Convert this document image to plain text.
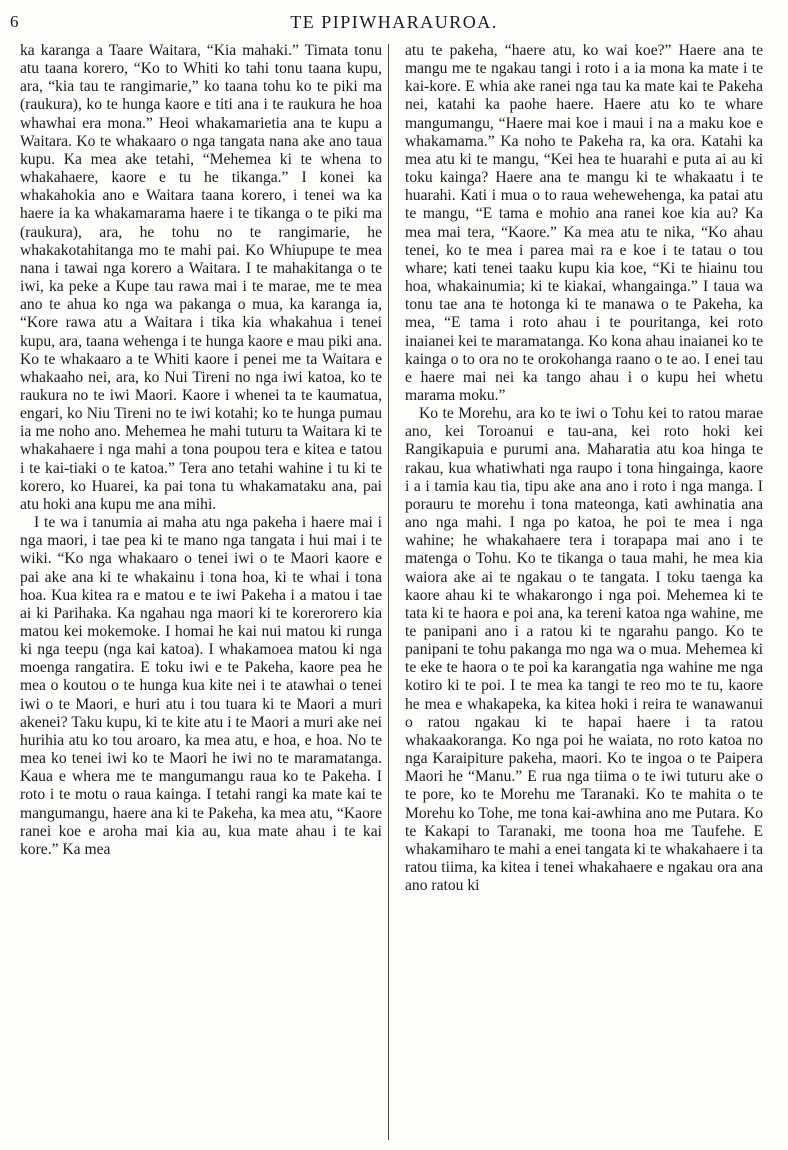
6	TE PIPIWHARAUROA.

ka karanga a Taare Waitara, “Kia mahaki.” Timata tonu atu taana korero, “Ko to Whiti ko tahi tonu taana kupu, ara, “kia tau te rangimarie,” ko taana tohu ko te piki ma (raukura), ko te hunga kaore e titi ana i te raukura he hoa whawhai era mona.” Heoi whakamarietia ana te kupu a Waitara. Ko te whakaaro o nga tangata nana ake ano taua kupu. Ka mea ake tetahi, “Mehemea ki te whena to whakahaere, kaore e tu he tikanga.” I konei ka whakahokia ano e Waitara taana korero, i tenei wa ka haere ia ka whakamarama haere i te tikanga o te piki ma (raukura), ara, he tohu no te rangimarie, he whakakotahitanga mo te mahi pai. Ko Whiupupe te mea nana i tawai nga korero a Waitara. I te mahakitanga o te iwi, ka peke a Kupe tau rawa mai i te marae, me te mea ano te ahua ko nga wa pakanga o mua, ka karanga ia, “Kore rawa atu a Waitara i tika kia whakahua i tenei kupu, ara, taana wehenga i te hunga kaore e mau piki ana. Ko te whakaaro a te Whiti kaore i penei me ta Waitara e whakaaho nei, ara, ko Nui Tireni no nga iwi katoa, ko te raukura no te iwi Maori. Kaore i whenei ta te kaumatua, engari, ko Niu Tireni no te iwi kotahi; ko te hunga pumau ia me noho ano. Mehemea he mahi tuturu ta Waitara ki te whakahaere i nga mahi a tona poupou tera e kitea e tatou i te kai-tiaki o te katoa.” Tera ano tetahi wahine i tu ki te korero, ko Huarei, ka pai tona tu whakamataku ana, pai atu hoki ana kupu me ana mihi.

I te wa i tanumia ai maha atu nga pakeha i haere mai i nga maori, i tae pea ki te mano nga tangata i hui mai i te wiki. “Ko nga whakaaro o tenei iwi o te Maori kaore e pai ake ana ki te whakainu i tona hoa, ki te whai i tona hoa. Kua kitea ra e matou e te iwi Pakeha i a matou i tae ai ki Parihaka. Ka ngahau nga maori ki te korerorero kia matou kei mokemoke. I homai he kai nui matou ki runga ki nga teepu (nga kai katoa). I whakamoea matou ki nga moenga rangatira. E toku iwi e te Pakeha, kaore pea he mea o koutou o te hunga kua kite nei i te atawhai o tenei iwi o te Maori, e huri atu i tou tuara ki te Maori a muri akenei? Taku kupu, ki te kite atu i te Maori a muri ake nei hurihia atu ko tou aroaro, ka mea atu, e hoa, e hoa. No te mea ko tenei iwi ko te Maori he iwi no te maramatanga. Kaua e whera me te mangumangu raua ko te Pakeha. I roto i te motu o raua kainga. I tetahi rangi ka mate kai te mangumangu, haere ana ki te Pakeha, ka mea atu, “Kaore ranei koe e aroha mai kia au, kua mate ahau i te kai kore.” Ka mea

atu te pakeha, “haere atu, ko wai koe?” Haere ana te mangu me te ngakau tangi i roto i a ia mona ka mate i te kai-kore. E whia ake ranei nga tau ka mate kai te Pakeha nei, katahi ka paohe haere. Haere atu ko te whare mangumangu, “Haere mai koe i maui i na a maku koe e whakamama.” Ka noho te Pakeha ra, ka ora. Katahi ka mea atu ki te mangu, “Kei hea te huarahi e puta ai au ki toku kainga? Haere ana te mangu ki te whakaatu i te huarahi. Kati i mua o to raua wehewehenga, ka patai atu te mangu, “E tama e mohio ana ranei koe kia au? Ka mea mai tera, “Kaore.” Ka mea atu te nika, “Ko ahau tenei, ko te mea i parea mai ra e koe i te tatau o tou whare; kati tenei taaku kupu kia koe, “Ki te hiainu tou hoa, whakainumia; ki te kiakai, whangainga.” I taua wa tonu tae ana te hotonga ki te manawa o te Pakeha, ka mea, “E tama i roto ahau i te pouritanga, kei roto inaianei kei te maramatanga. Ko kona ahau inaianei ko te kainga o to ora no te orokohanga raano o te ao. I enei tau e haere mai nei ka tango ahau i o kupu hei whetu marama moku.”

Ko te Morehu, ara ko te iwi o Tohu kei to ratou marae ano, kei Toroanui e tau-ana, kei roto hoki kei Rangikapuia e purumi ana. Maharatia atu koa hinga te rakau, kua whatiwhati nga raupo i tona hingainga, kaore i a i tamia kau tia, tipu ake ana ano i roto i nga manga. I porauru te morehu i tona mateonga, kati awhinatia ana ano nga mahi. I nga po katoa, he poi te mea i nga wahine; he whakahaere tera i torapapa mai ano i te matenga o Tohu. Ko te tikanga o taua mahi, he mea kia waiora ake ai te ngakau o te tangata. I toku taenga ka kaore ahau ki te whakarongo i nga poi. Mehemea ki te tata ki te haora e poi ana, ka tereni katoa nga wahine, me te panipani ano i a ratou ki te ngarahu pango. Ko te panipani te tohu pakanga mo nga wa o mua. Mehemea ki te eke te haora o te poi ka karangatia nga wahine me nga kotiro ki te poi. I te mea ka tangi te reo mo te tu, kaore he mea e whakapeka, ka kitea hoki i reira te wanawanui o ratou ngakau ki te hapai haere i ta ratou whakaakoranga. Ko nga poi he waiata, no roto katoa no nga Karaipiture pakeha, maori. Ko te ingoa o te Paipera Maori he “Manu.” E rua nga tiima o te iwi tuturu ake o te pore, ko te Morehu me Taranaki. Ko te mahita o te Morehu ko Tohe, me tona kai-awhina ano me Putara. Ko te Kakapi to Taranaki, me toona hoa me Taufehe. E whakamiharo te mahi a enei tangata ki te whakahaere i ta ratou tiima, ka kitea i tenei whakahaere e ngakau ora ana ano ratou ki
